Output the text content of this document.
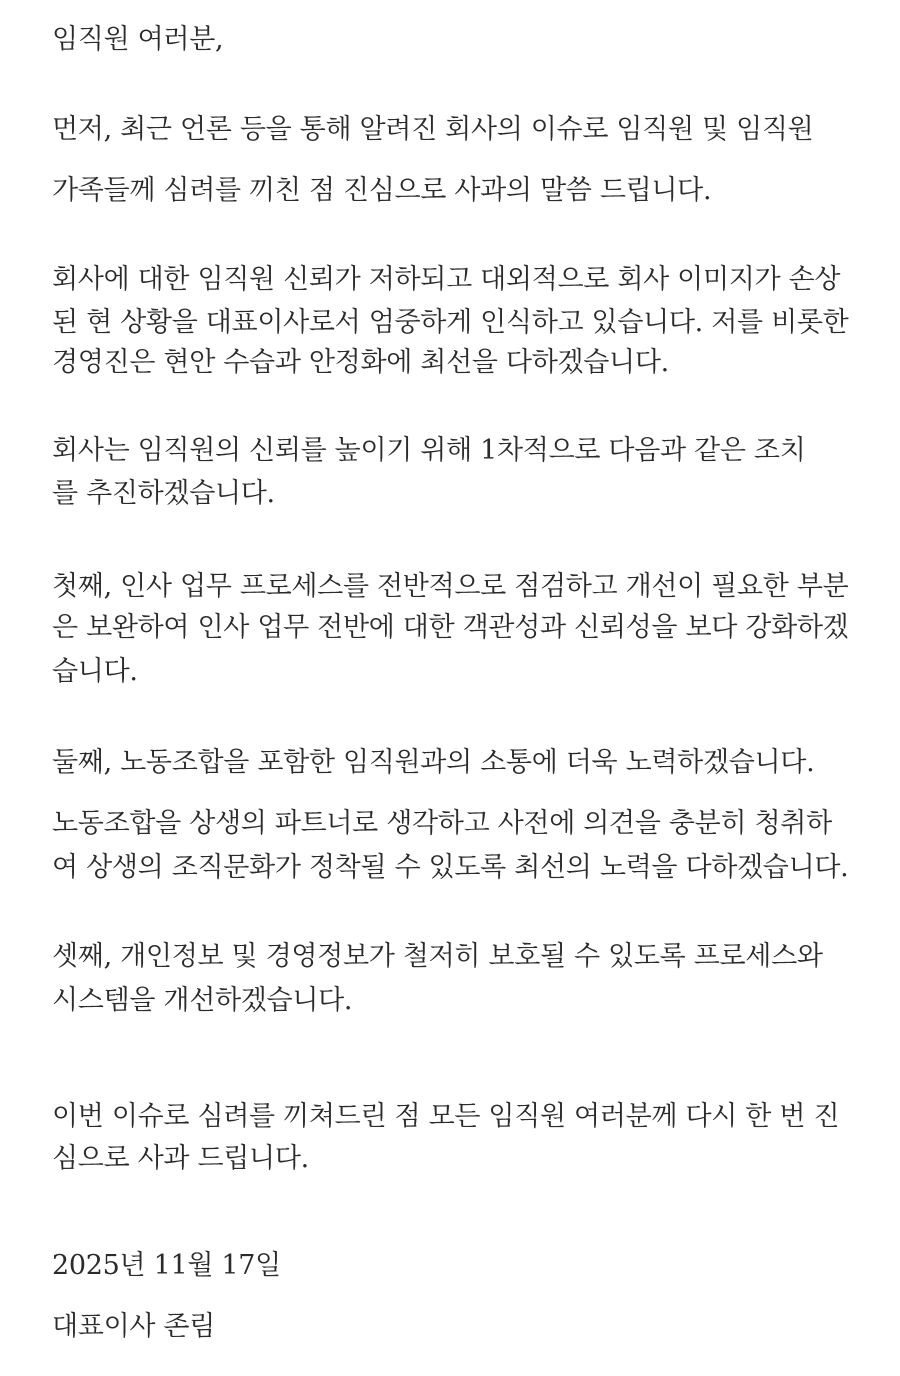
임직원 여러분,
먼저, 최근 언론 등을 통해 알려진 회사의 이슈로 임직원 및 임직원
가족들께 심려를 끼친 점 진심으로 사과의 말씀 드립니다.
회사에 대한 임직원 신뢰가 저하되고 대외적으로 회사 이미지가 손상
된 현 상황을 대표이사로서 엄중하게 인식하고 있습니다. 저를 비롯한
경영진은 현안 수습과 안정화에 최선을 다하겠습니다.
회사는 임직원의 신뢰를 높이기 위해 1차적으로 다음과 같은 조치
를 추진하겠습니다.
첫째, 인사 업무 프로세스를 전반적으로 점검하고 개선이 필요한 부분
은 보완하여 인사 업무 전반에 대한 객관성과 신뢰성을 보다 강화하겠
습니다.
둘째, 노동조합을 포함한 임직원과의 소통에 더욱 노력하겠습니다.
노동조합을 상생의 파트너로 생각하고 사전에 의견을 충분히 청취하
여 상생의 조직문화가 정착될 수 있도록 최선의 노력을 다하겠습니다.
셋째, 개인정보 및 경영정보가 철저히 보호될 수 있도록 프로세스와
시스템을 개선하겠습니다.
이번 이슈로 심려를 끼쳐드린 점 모든 임직원 여러분께 다시 한 번 진
심으로 사과 드립니다.
2025년 11월 17일
대표이사 존림
